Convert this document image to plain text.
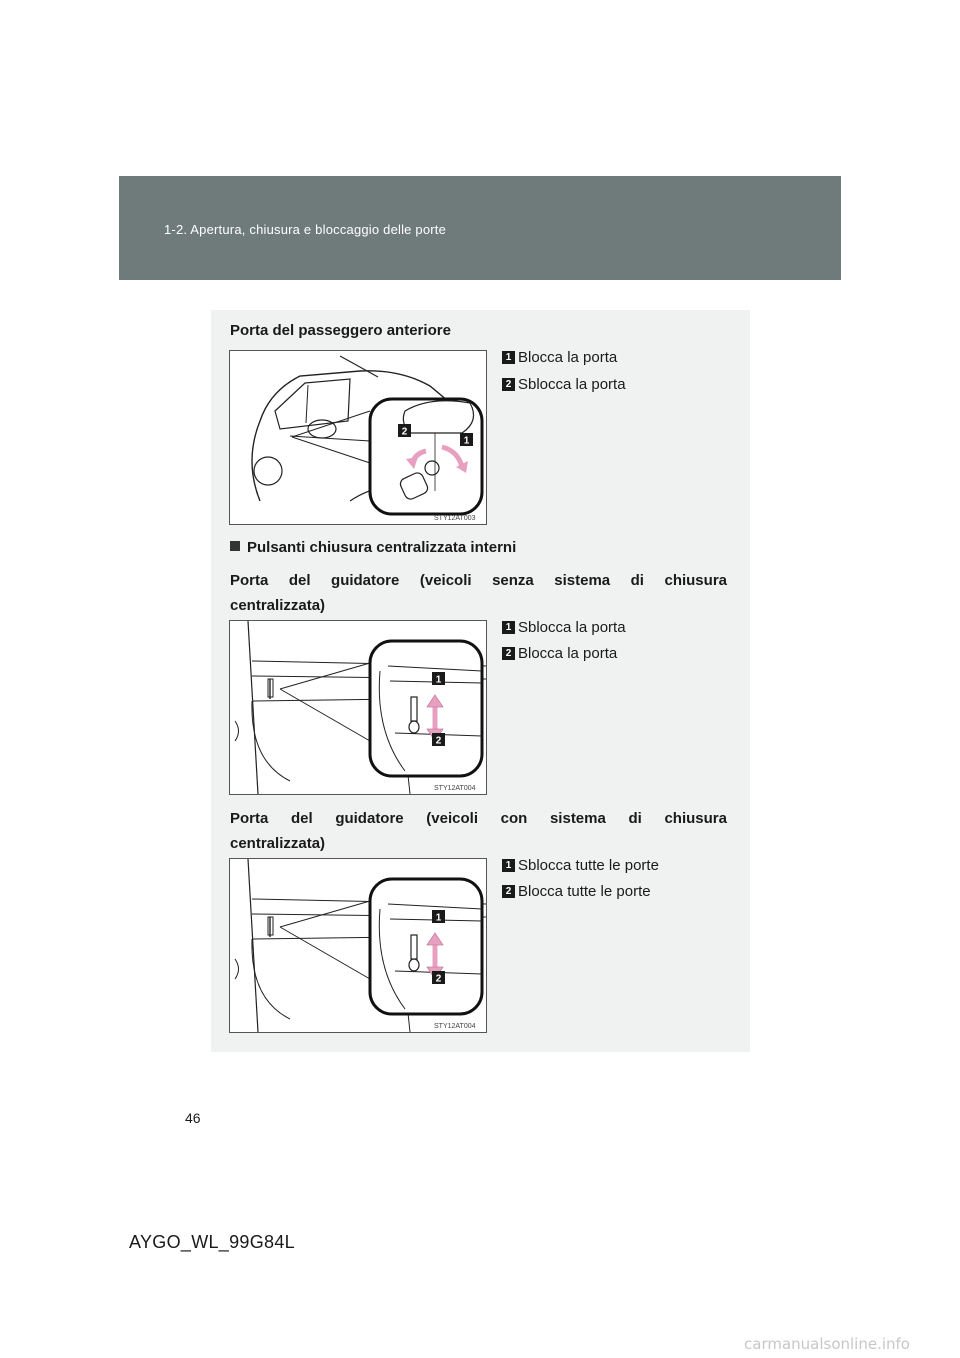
1-2. Apertura, chiusura e bloccaggio delle porte
Porta del passeggero anteriore
2
1
STY12AT003
1 Blocca la porta
2 Sblocca la porta
Pulsanti chiusura centralizzata interni
Porta del guidatore (veicoli senza sistema di chiusura
centralizzata)
1
2
STY12AT004
1 Sblocca la porta
2 Blocca la porta
Porta del guidatore (veicoli con sistema di chiusura
centralizzata)
1
2
STY12AT004
1 Sblocca tutte le porte
2 Blocca tutte le porte
46
AYGO_WL_99G84L
carmanualsonline.info
